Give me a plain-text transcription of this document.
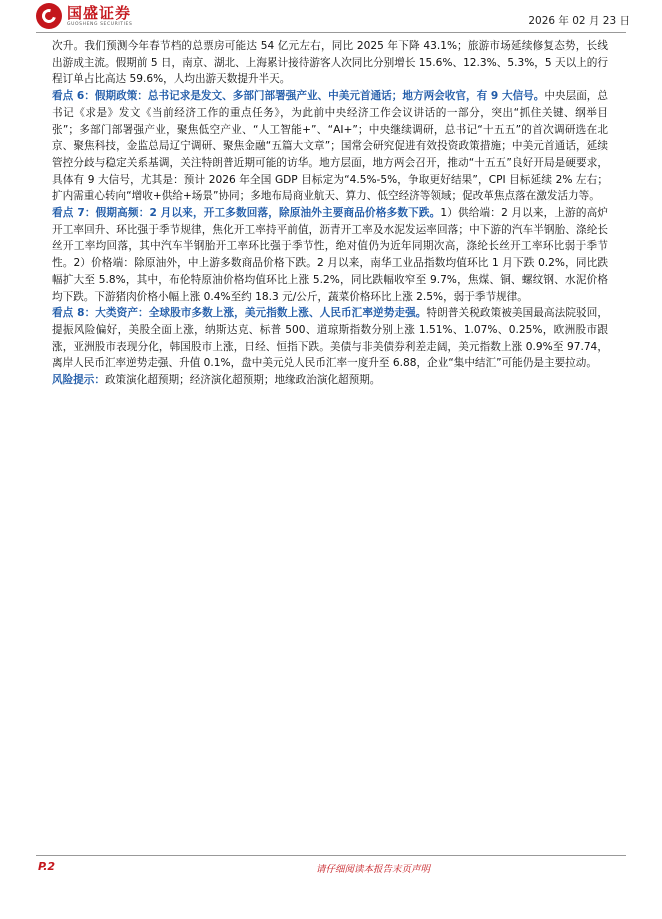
国盛证券
GUOSHENG SECURITIES	2026 年 02 月 23 日

次升。我们预测今年春节档的总票房可能达 54 亿元左右，同比 2025 年下降 43.1%；旅游市场延续修复态势，长线出游成主流。假期前 5 日，南京、湖北、上海累计接待游客人次同比分别增长 15.6%、12.3%、5.3%，5 天以上的行程订单占比高达 59.6%，人均出游天数提升半天。

看点 6：假期政策：总书记求是发文、多部门部署强产业、中美元首通话；地方两会收官，有 9 大信号。中央层面，总书记《求是》发文《当前经济工作的重点任务》，为此前中央经济工作会议讲话的一部分，突出“抓住关键、纲举目张”；多部门部署强产业，聚焦低空产业、“人工智能+”、“AI+”；中央继续调研，总书记“十五五”的首次调研选在北京、聚焦科技，金监总局辽宁调研、聚焦金融“五篇大文章”；国常会研究促进有效投资政策措施；中美元首通话，延续管控分歧与稳定关系基调，关注特朗普近期可能的访华。地方层面，地方两会召开，推动“十五五”良好开局是硬要求，具体有 9 大信号，尤其是：预计 2026 年全国 GDP 目标定为“4.5%-5%，争取更好结果”，CPI 目标延续 2% 左右；扩内需重心转向“增收+供给+场景”协同；多地布局商业航天、算力、低空经济等领域；促改革焦点落在激发活力等。

看点 7：假期高频：2 月以来，开工多数回落，除原油外主要商品价格多数下跌。1）供给端：2 月以来，上游的高炉开工率回升、环比强于季节规律，焦化开工率持平前值，沥青开工率及水泥发运率回落；中下游的汽车半钢胎、涤纶长丝开工率均回落，其中汽车半钢胎开工率环比强于季节性，绝对值仍为近年同期次高，涤纶长丝开工率环比弱于季节性。2）价格端：除原油外，中上游多数商品价格下跌。2 月以来，南华工业品指数均值环比 1 月下跌 0.2%，同比跌幅扩大至 5.8%，其中，布伦特原油价格均值环比上涨 5.2%，同比跌幅收窄至 9.7%，焦煤、铜、螺纹钢、水泥价格均下跌。下游猪肉价格小幅上涨 0.4%至约 18.3 元/公斤，蔬菜价格环比上涨 2.5%，弱于季节规律。

看点 8：大类资产：全球股市多数上涨，美元指数上涨、人民币汇率逆势走强。特朗普关税政策被美国最高法院驳回，提振风险偏好，美股全面上涨，纳斯达克、标普 500、道琼斯指数分别上涨 1.51%、1.07%、0.25%，欧洲股市跟涨，亚洲股市表现分化，韩国股市上涨，日经、恒指下跌。美债与非美债券利差走阔，美元指数上涨 0.9%至 97.74，离岸人民币汇率逆势走强、升值 0.1%，盘中美元兑人民币汇率一度升至 6.88，企业“集中结汇”可能仍是主要拉动。

风险提示：政策演化超预期；经济演化超预期；地缘政治演化超预期。

P.2	请仔细阅读本报告末页声明
